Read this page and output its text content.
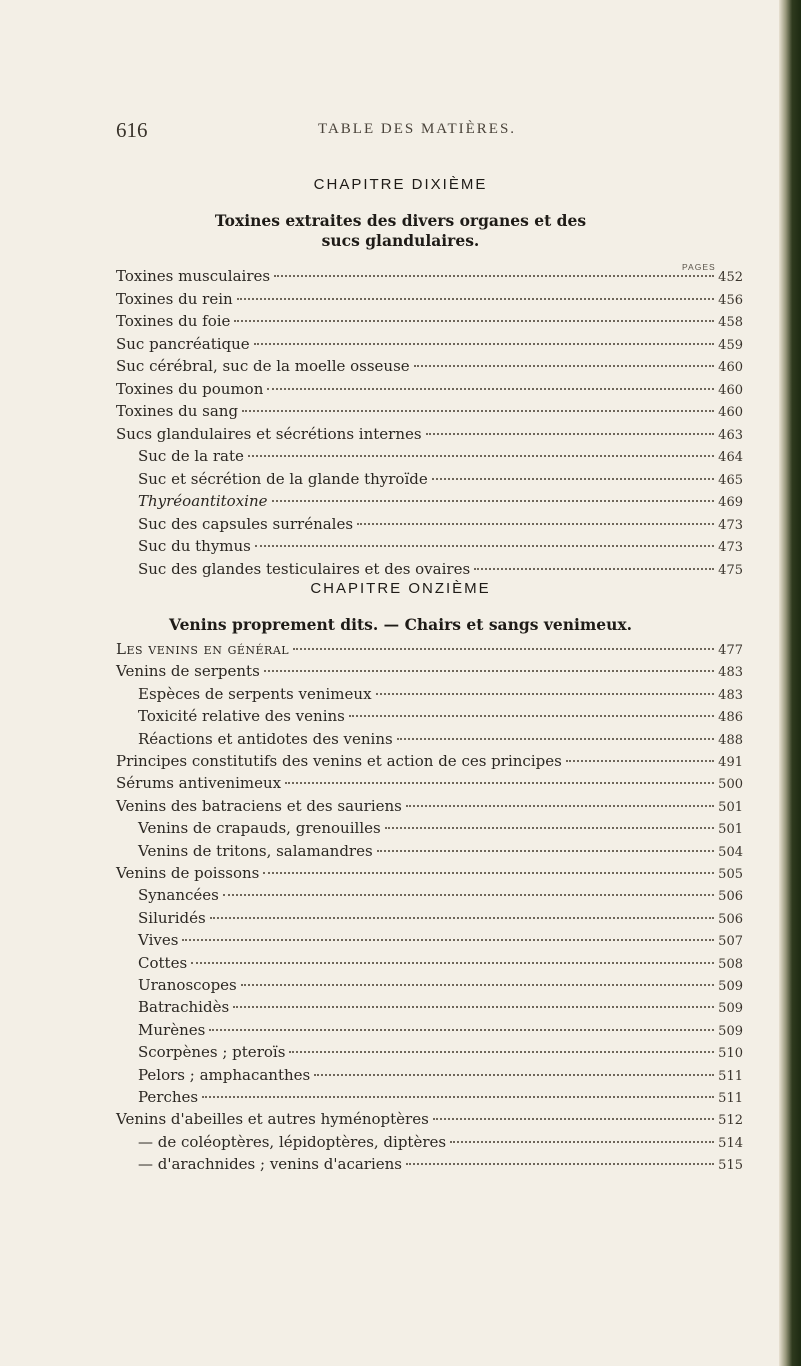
616	TABLE DES MATIÈRES.
CHAPITRE DIXIÈME
Toxines extraites des divers organes et des
sucs glandulaires.
PAGES
Toxines musculaires	452
Toxines du rein	456
Toxines du foie	458
Suc pancréatique	459
Suc cérébral, suc de la moelle osseuse	460
Toxines du poumon	460
Toxines du sang	460
Sucs glandulaires et sécrétions internes	463
Suc de la rate	464
Suc et sécrétion de la glande thyroïde	465
Thyréoantitoxine	469
Suc des capsules surrénales	473
Suc du thymus	473
Suc des glandes testiculaires et des ovaires	475
CHAPITRE ONZIÈME
Venins proprement dits. — Chairs et sangs venimeux.
Les venins en général	477
Venins de serpents	483
Espèces de serpents venimeux	483
Toxicité relative des venins	486
Réactions et antidotes des venins	488
Principes constitutifs des venins et action de ces principes	491
Sérums antivenimeux	500
Venins des batraciens et des sauriens	501
Venins de crapauds, grenouilles	501
Venins de tritons, salamandres	504
Venins de poissons	505
Synancées	506
Siluridés	506
Vives	507
Cottes	508
Uranoscopes	509
Batrachidès	509
Murènes	509
Scorpènes ; pteroïs	510
Pelors ; amphacanthes	511
Perches	511
Venins d'abeilles et autres hyménoptères	512
— de coléoptères, lépidoptères, diptères	514
— d'arachnides ; venins d'acariens	515
